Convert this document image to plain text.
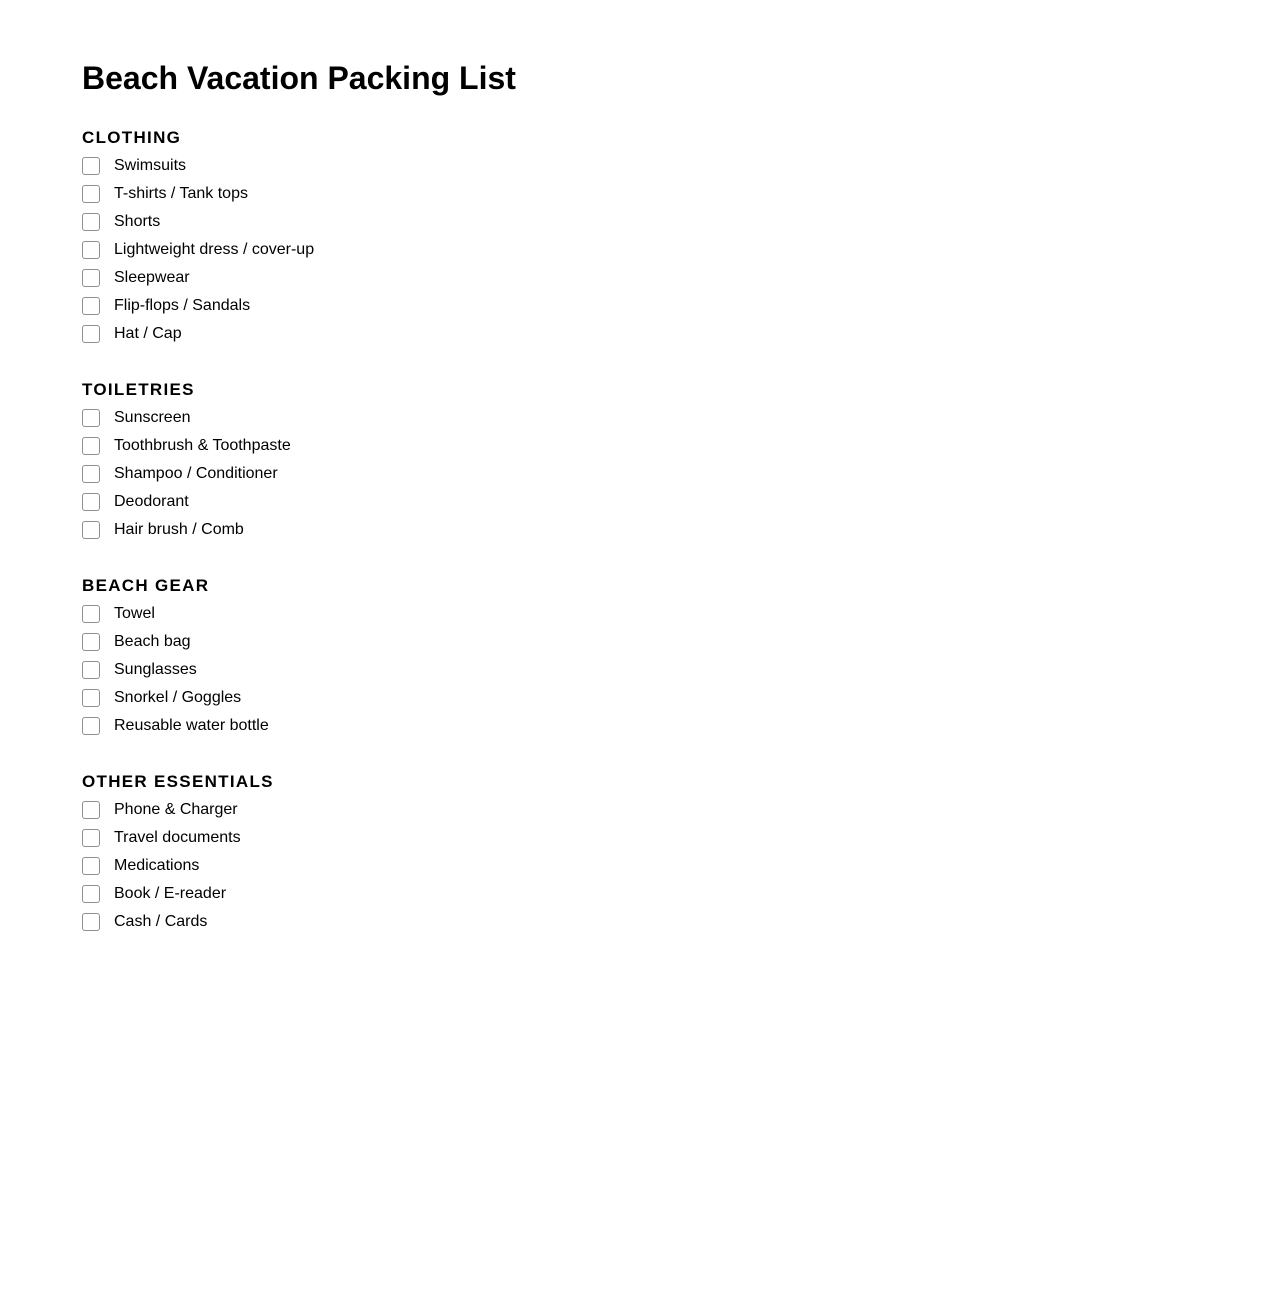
Beach Vacation Packing List
CLOTHING
Swimsuits
T-shirts / Tank tops
Shorts
Lightweight dress / cover-up
Sleepwear
Flip-flops / Sandals
Hat / Cap
TOILETRIES
Sunscreen
Toothbrush & Toothpaste
Shampoo / Conditioner
Deodorant
Hair brush / Comb
BEACH GEAR
Towel
Beach bag
Sunglasses
Snorkel / Goggles
Reusable water bottle
OTHER ESSENTIALS
Phone & Charger
Travel documents
Medications
Book / E-reader
Cash / Cards
